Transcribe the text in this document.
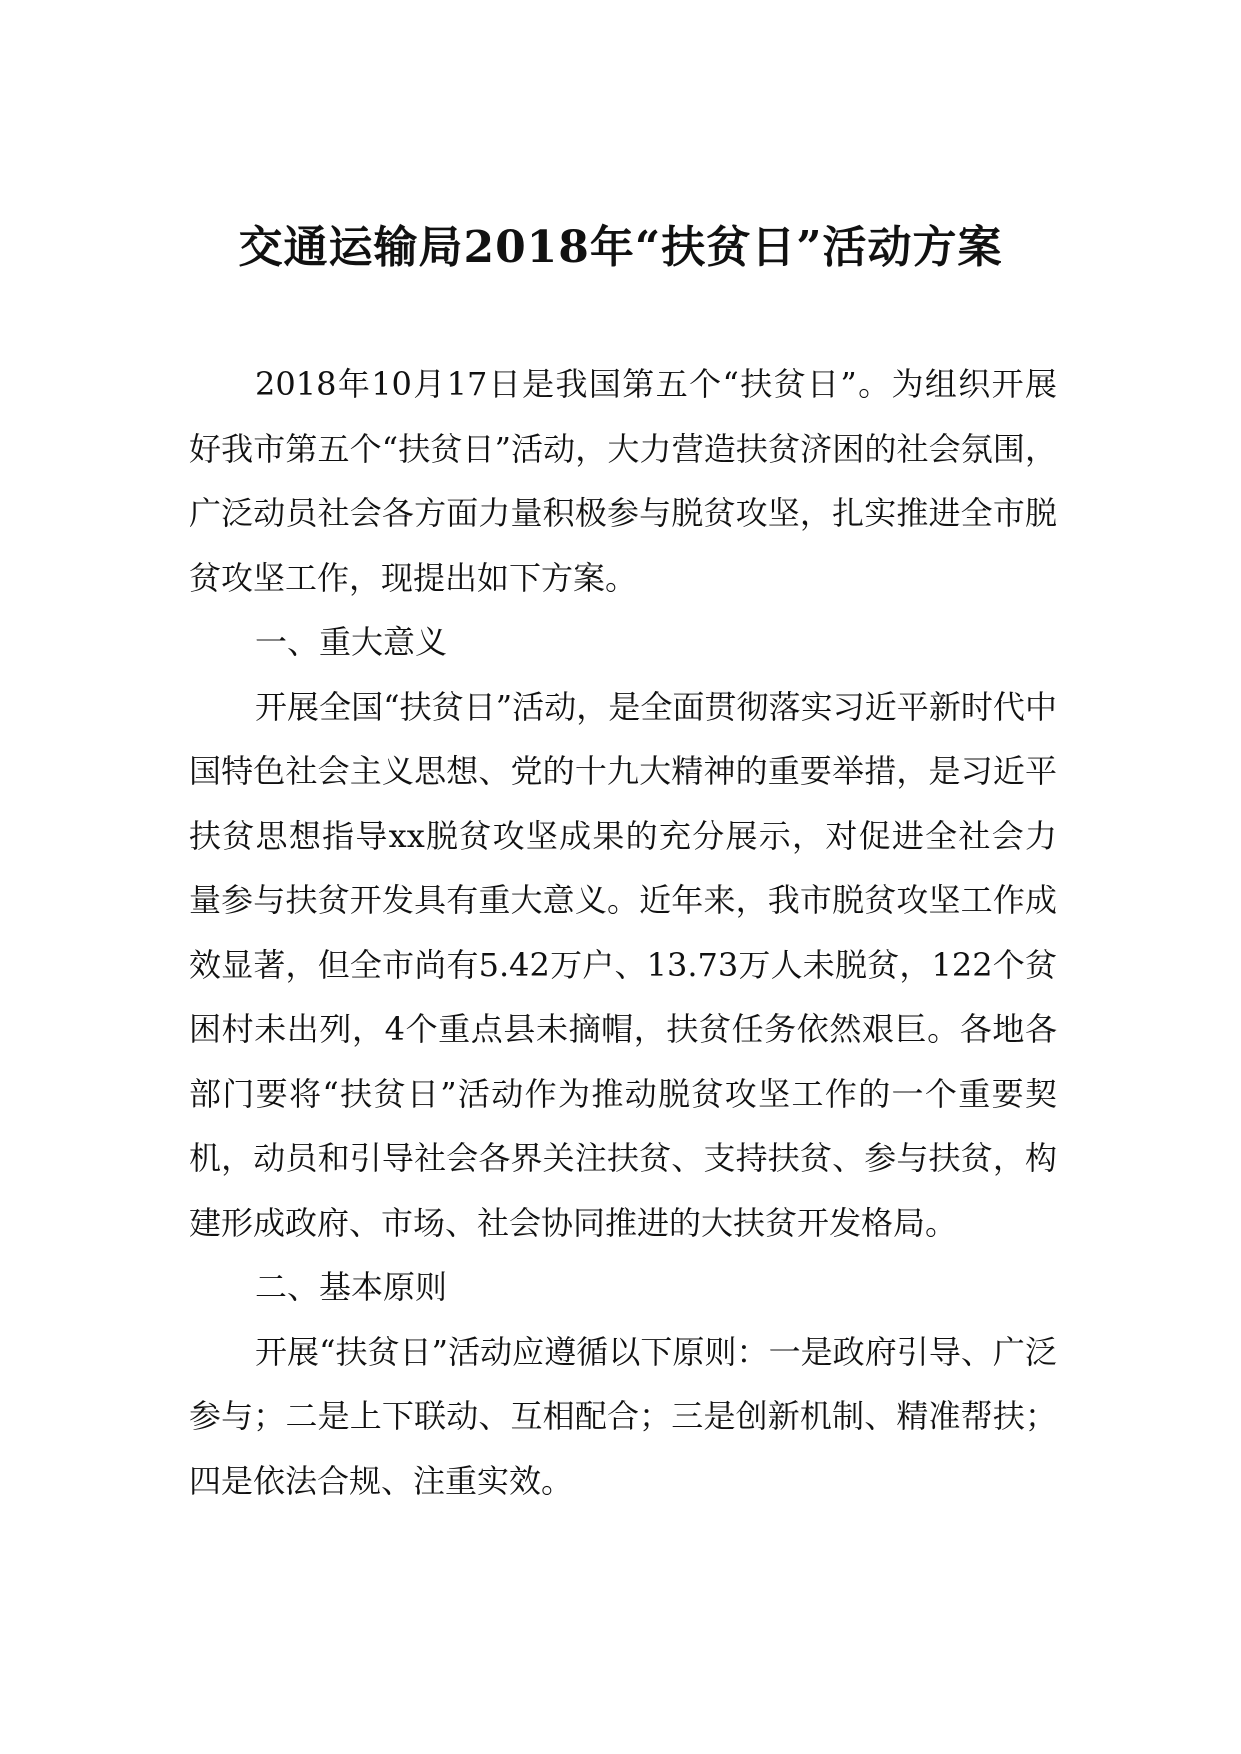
交通运输局2018年“扶贫日”活动方案

2018年10月17日是我国第五个“扶贫日”。为组织开展好我市第五个“扶贫日”活动，大力营造扶贫济困的社会氛围，广泛动员社会各方面力量积极参与脱贫攻坚，扎实推进全市脱贫攻坚工作，现提出如下方案。

一、重大意义

开展全国“扶贫日”活动，是全面贯彻落实习近平新时代中国特色社会主义思想、党的十九大精神的重要举措，是习近平扶贫思想指导xx脱贫攻坚成果的充分展示，对促进全社会力量参与扶贫开发具有重大意义。近年来，我市脱贫攻坚工作成效显著，但全市尚有5.42万户、13.73万人未脱贫，122个贫困村未出列，4个重点县未摘帽，扶贫任务依然艰巨。各地各部门要将“扶贫日”活动作为推动脱贫攻坚工作的一个重要契机，动员和引导社会各界关注扶贫、支持扶贫、参与扶贫，构建形成政府、市场、社会协同推进的大扶贫开发格局。

二、基本原则

开展“扶贫日”活动应遵循以下原则：一是政府引导、广泛参与；二是上下联动、互相配合；三是创新机制、精准帮扶；四是依法合规、注重实效。
